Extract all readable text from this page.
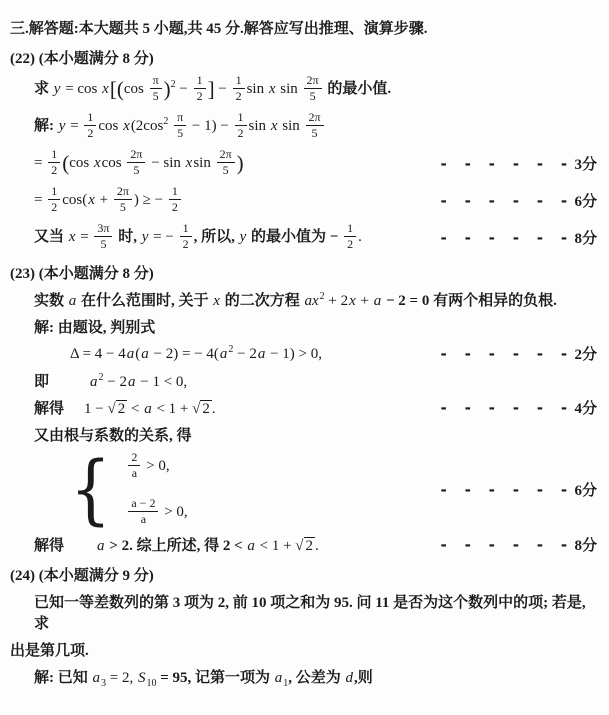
三.解答题:本大题共 5 小题,共 45 分.解答应写出推理、演算步骤.
(22) (本小题满分 8 分)
求 $y = \cos x[(\cos \frac{\pi}{5} )^2 - \frac{1}{2}$ ] − $\frac{1}{2}$ sin x $\sin \frac{2\pi}{5}$ 的最小值.
解: $y = \frac{1}{2}$ $\cos x(2\cos^2 \frac{\pi}{5} - 1) - \frac{1}{2}$ sin x $\sin \frac{2\pi}{5}$
= $\frac{1}{2} (\cos$ xcos $\frac{2\pi}{5} - \sin xsin \frac{2\pi}{5}$ )	- - - - - - 3分
= $\frac{1}{2} \cos(x + \frac{2\pi}{5}$ ) ≥ − $\frac{1}{2}$	- - - - - - 6分
又当 $x = \frac{3\pi}{5}$ 时, y = − $\frac{1}{2}$ , 所以, y 的最小值为 − $\frac{1}{2}$ .	- - - - - - 8分
(23) (本小题满分 8 分)
实数 a 在什么范围时, 关于 x 的二次方程 $ax^2 + 2x + a - 2 = 0$ 有两个相异的负根.
解: 由题设, 判别式
Δ = 4 − 4a(a − 2) = − $4(a^2 - 2a - 1) > 0$,	- - - - - - 2分
即	$a^2 - 2a - 1 < 0$,
解得 1 − √ 2 < a < 1 + √ 2 .	- - - - - - 4分
又由根与系数的关系, 得
{ $\frac{2}{a} > 0$,
$\frac{a - 2}{a} > 0$,
- - - - - - 6分
解得 a > 2. 综上所述, 得 2 < a < 1 + √ 2 .	- - - - - - 8分
(24) (本小题满分 9 分)
已知一等差数列的第 3 项为 2, 前 10 项之和为 95. 问 11 是否为这个数列中的项; 若是,求
出是第几项.
解: 已知 $a_3 = 2$, $S_{10} = 95$, 记第一项为 $a_1$, 公差为 d,则
